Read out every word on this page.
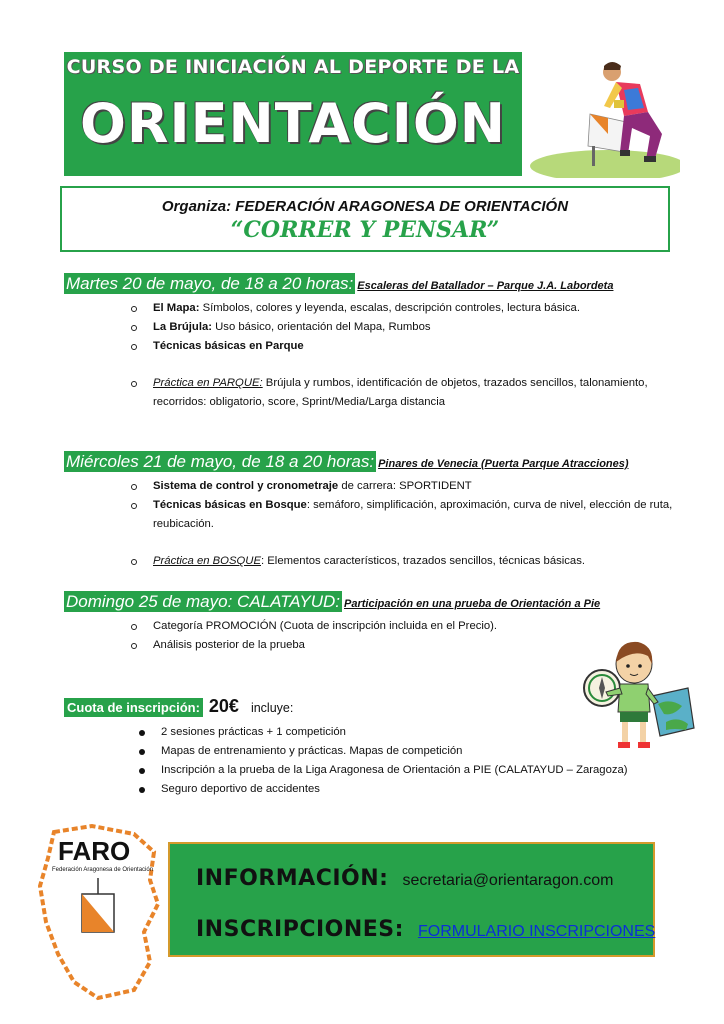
CURSO DE INICIACIÓN AL DEPORTE DE LA
ORIENTACIÓN
Organiza: FEDERACIÓN ARAGONESA DE ORIENTACIÓN
“CORRER Y PENSAR”
Martes 20 de mayo, de 18 a 20 horas: Escaleras del Batallador – Parque J.A. Labordeta
El Mapa: Símbolos, colores y leyenda, escalas, descripción controles, lectura básica.
La Brújula: Uso básico, orientación del Mapa, Rumbos
Técnicas básicas en Parque
Práctica en PARQUE: Brújula y rumbos, identificación de objetos, trazados sencillos, talonamiento, recorridos: obligatorio, score, Sprint/Media/Larga distancia
Miércoles 21 de mayo, de 18 a 20 horas: Pinares de Venecia (Puerta Parque Atracciones)
Sistema de control y cronometraje de carrera: SPORTIDENT
Técnicas básicas en Bosque: semáforo, simplificación, aproximación, curva de nivel, elección de ruta, reubicación.
Práctica en BOSQUE: Elementos característicos, trazados sencillos, técnicas básicas.
Domingo 25 de mayo: CALATAYUD: Participación en una prueba de Orientación a Pie
Categoría PROMOCIÓN (Cuota de inscripción incluida en el Precio).
Análisis posterior de la prueba
Cuota de inscripción: 20€ incluye:
2 sesiones prácticas + 1 competición
Mapas de entrenamiento y prácticas. Mapas de competición
Inscripción a la prueba de la Liga Aragonesa de Orientación a PIE (CALATAYUD – Zaragoza)
Seguro deportivo de accidentes
FARO
Federación Aragonesa de Orientación INFORMACIÓN: secretaria@orientaragon.com
INSCRIPCIONES: FORMULARIO INSCRIPCIONES
